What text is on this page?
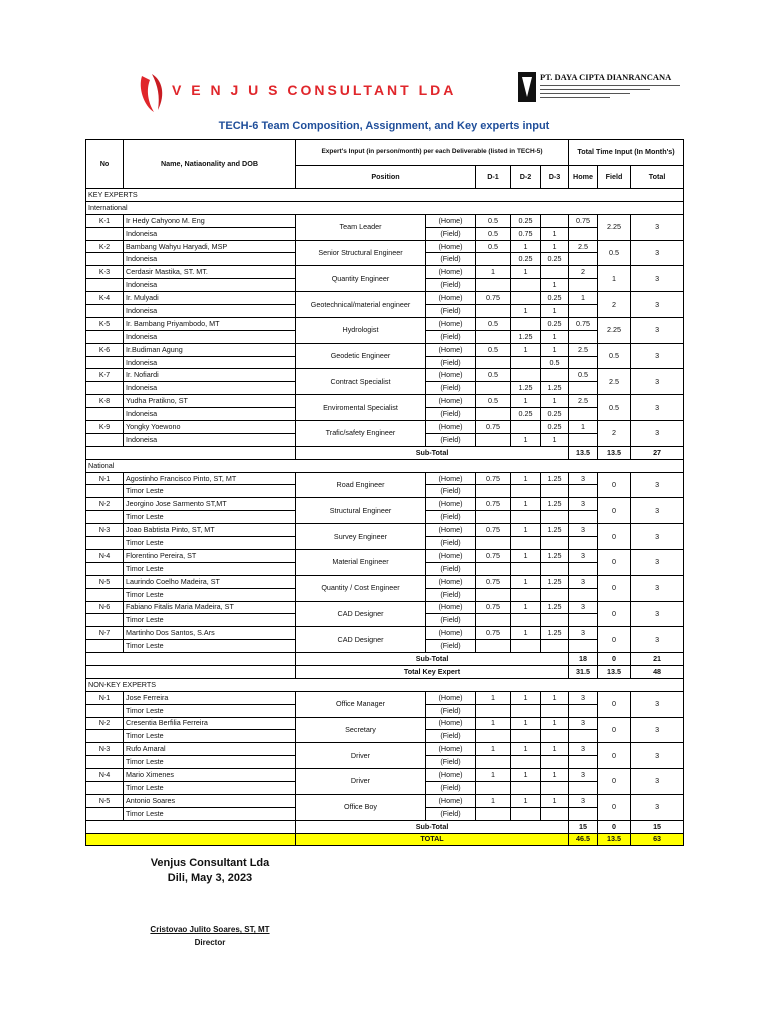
V E N J U S CONSULTANT LDA
PT. DAYA CIPTA DIANRANCANA
TECH-6 Team Composition, Assignment, and Key experts input
No	Name, Natiaonality and DOB	Expert's Input (in person/month) per each Deliverable (listed in TECH-5)					Total Time Input (In Month's)		
		Position		D-1	D-2	D-3	Home	Field	Total
KEY EXPERTS									
International									
K-1	Ir Hedy Cahyono M. Eng	Team Leader	(Home)	0.5	0.25		0.75	2.25	3
	Indoneisa		(Field)	0.5	0.75	1			
K-2	Bambang Wahyu Haryadi, MSP	Senior Structural Engineer	(Home)	0.5	1	1	2.5	0.5	3
	Indoneisa		(Field)		0.25	0.25			
K-3	Cerdasir Mastika, ST. MT.	Quantity Engineer	(Home)	1	1		2	1	3
	Indoneisa		(Field)			1			
K-4	Ir. Mulyadi	Geotechnical/material engineer	(Home)	0.75		0.25	1	2	3
	Indoneisa		(Field)		1	1			
K-5	Ir. Bambang Priyambodo, MT	Hydrologist	(Home)	0.5		0.25	0.75	2.25	3
	Indoneisa		(Field)		1.25	1			
K-6	Ir.Budiman Agung	Geodetic Engineer	(Home)	0.5	1	1	2.5	0.5	3
	Indoneisa		(Field)			0.5			
K-7	Ir. Nofiardi	Contract Specialist	(Home)	0.5			0.5	2.5	3
	Indoneisa		(Field)		1.25	1.25			
K-8	Yudha Pratikno, ST	Enviromental Specialist	(Home)	0.5	1	1	2.5	0.5	3
	Indoneisa		(Field)		0.25	0.25			
K-9	Yongky Yoewono	Trafic/safety Engineer	(Home)	0.75		0.25	1	2	3
	Indoneisa		(Field)		1	1			
		Sub-Total					13.5	13.5	27
National									
N-1	Agostinho Francisco Pinto, ST, MT	Road Engineer	(Home)	0.75	1	1.25	3	0	3
	Timor Leste		(Field)						
N-2	Jeorgino Jose Sarmento ST,MT	Structural Engineer	(Home)	0.75	1	1.25	3	0	3
	Timor Leste		(Field)						
N-3	Joao Babtista Pinto, ST, MT	Survey Engineer	(Home)	0.75	1	1.25	3	0	3
	Timor Leste		(Field)						
N-4	Florentino Pereira, ST	Material Engineer	(Home)	0.75	1	1.25	3	0	3
	Timor Leste		(Field)						
N-5	Laurindo Coelho Madeira, ST	Quantity / Cost Engineer	(Home)	0.75	1	1.25	3	0	3
	Timor Leste		(Field)						
N-6	Fabiano Fitalis Maria Madeira, ST	CAD Designer	(Home)	0.75	1	1.25	3	0	3
	Timor Leste		(Field)						
N-7	Martinho Dos Santos, S.Ars	CAD Designer	(Home)	0.75	1	1.25	3	0	3
	Timor Leste		(Field)						
		Sub-Total					18	0	21
		Total Key Expert					31.5	13.5	48
NON-KEY EXPERTS									
N-1	Jose Ferreira	Office Manager	(Home)	1	1	1	3	0	3
	Timor Leste		(Field)						
N-2	Cresentia Berfilia Ferreira	Secretary	(Home)	1	1	1	3	0	3
	Timor Leste		(Field)						
N-3	Rufo Amaral	Driver	(Home)	1	1	1	3	0	3
	Timor Leste		(Field)						
N-4	Mario Ximenes	Driver	(Home)	1	1	1	3	0	3
	Timor Leste		(Field)						
N-5	Antonio Soares	Office Boy	(Home)	1	1	1	3	0	3
	Timor Leste		(Field)						
		Sub-Total					15	0	15
		TOTAL					46.5	13.5	63
Venjus Consultant Lda
Dili, May 3, 2023
Cristovao Julito Soares, ST, MT
Director
